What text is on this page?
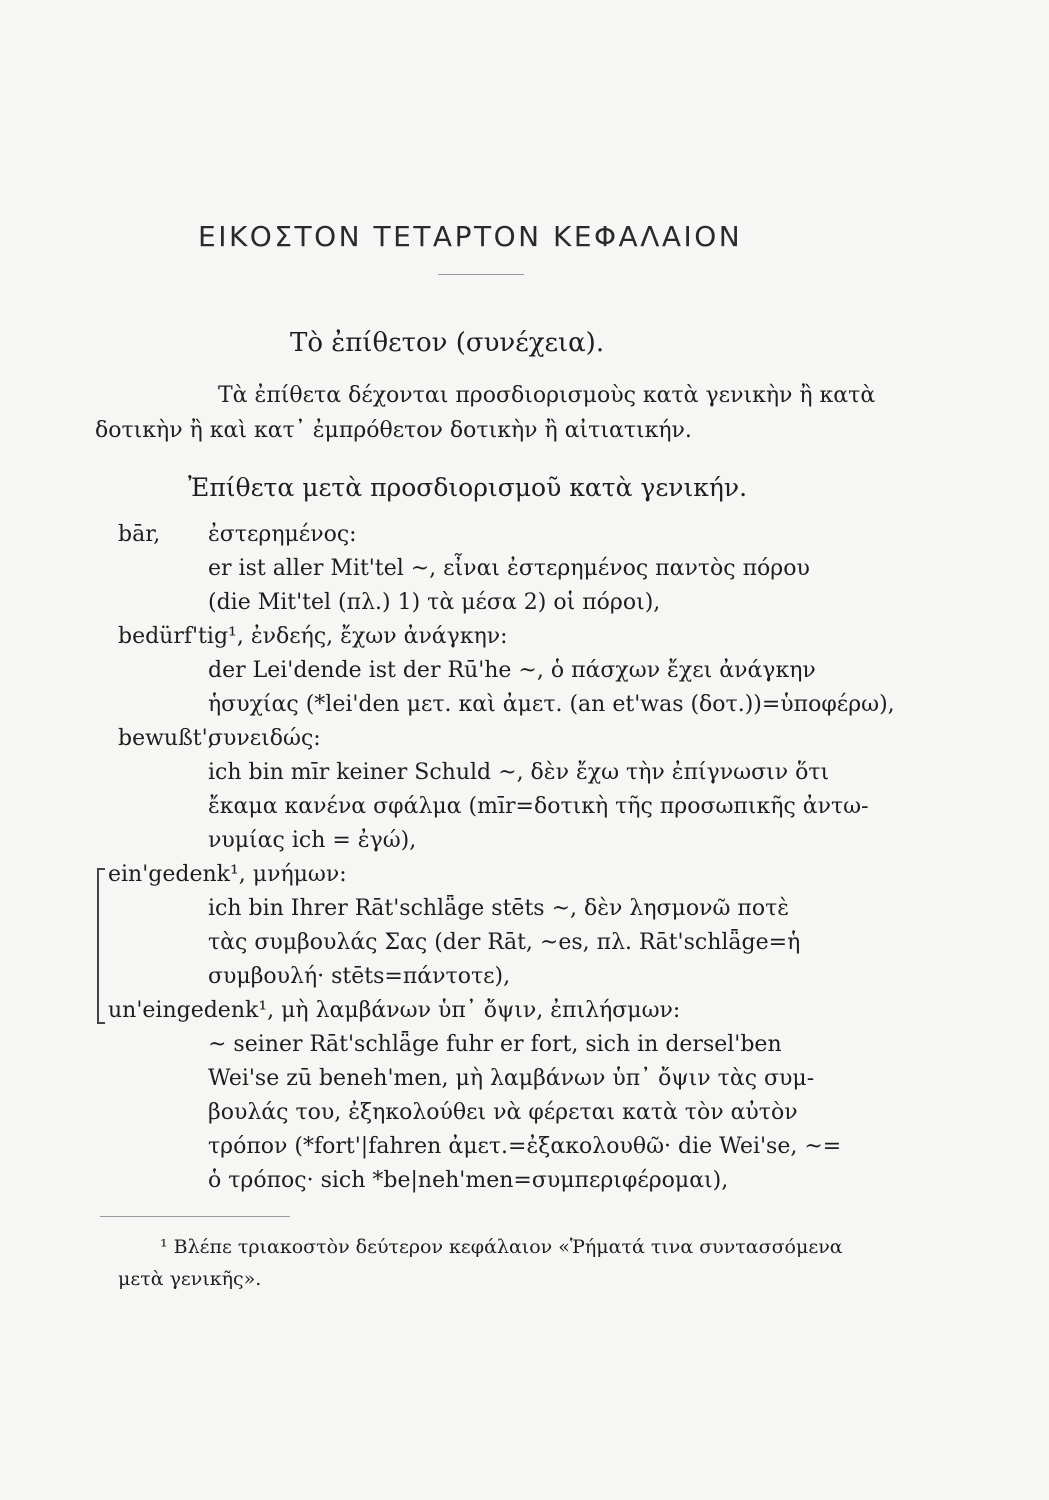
ΕΙΚΟΣΤΟΝ ΤΕΤΑΡΤΟΝ ΚΕΦΑΛΑΙΟΝ
Τὸ ἐπίθετον (συνέχεια).
Τὰ ἐπίθετα δέχονται προσδιορισμοὺς κατὰ γενικὴν ἢ κατὰ
δοτικὴν ἢ καὶ κατ᾽ ἐμπρόθετον δοτικὴν ἢ αἰτιατικήν.
Ἐπίθετα μετὰ προσδιορισμοῦ κατὰ γενικήν.
bār, ἐστερημένος:
er ist aller Mit'tel ~, εἶναι ἐστερημένος παντὸς πόρου
(die Mit'tel (πλ.) 1) τὰ μέσα 2) οἱ πόροι),
bedürf'tig¹, ἐνδεής, ἔχων ἀνάγκην:
der Lei'dende ist der Rū'he ~, ὁ πάσχων ἔχει ἀνάγκην
ἡσυχίας (*lei'den μετ. καὶ ἀμετ. (an et'was (δοτ.))=ὑποφέρω),
bewußt',
συνειδώς:
ich bin mīr keiner Schuld ~, δὲν ἔχω τὴν ἐπίγνωσιν ὅτι
ἔκαμα κανένα σφάλμα (mīr=δοτικὴ τῆς προσωπικῆς ἀντω-
νυμίας ich = ἐγώ),
ein'gedenk¹, μνήμων:
ich bin Ihrer Rāt'schlǟge stēts ~, δὲν λησμονῶ ποτὲ
τὰς συμβουλάς Σας (der Rāt, ~es, πλ. Rāt'schlǟge=ἡ
συμβουλή· stēts=πάντοτε),
un'eingedenk¹, μὴ λαμβάνων ὑπ᾽ ὄψιν, ἐπιλήσμων:
~ seiner Rāt'schlǟge fuhr er fort, sich in dersel'ben
Wei'se zū beneh'men, μὴ λαμβάνων ὑπ᾽ ὄψιν τὰς συμ-
βουλάς του, ἐξηκολούθει νὰ φέρεται κατὰ τὸν αὐτὸν
τρόπον (*fort'|fahren ἀμετ.=ἐξακολουθῶ· die Wei'se, ~=
ὁ τρόπος· sich *be|neh'men=συμπεριφέρομαι),
¹ Βλέπε τριακοστὸν δεύτερον κεφάλαιον «Ῥήματά τινα συντασσόμενα
μετὰ γενικῆς».
